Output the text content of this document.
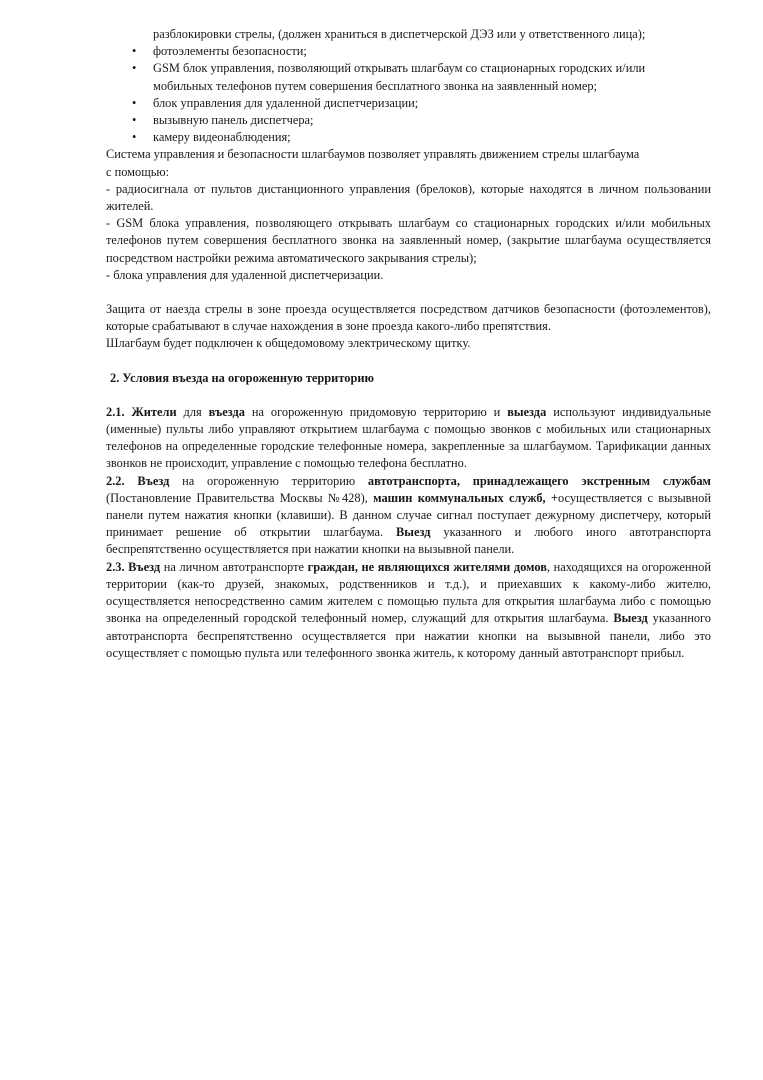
разблокировки стрелы, (должен храниться в диспетчерской ДЭЗ или у ответственного лица);
• фотоэлементы безопасности;
• GSM блок управления, позволяющий открывать шлагбаум со стационарных городских и/или
мобильных телефонов путем совершения бесплатного звонка на заявленный номер;
• блок управления для удаленной диспетчеризации;
• вызывную панель диспетчера;
• камеру видеонаблюдения;
Система управления и безопасности шлагбаумов позволяет управлять движением стрелы шлагбаума
с помощью:

- радиосигнала от пультов дистанционного управления (брелоков), которые находятся в личном пользовании жителей.

- GSM блока управления, позволяющего открывать шлагбаум со стационарных городских и/или мобильных телефонов путем совершения бесплатного звонка на заявленный номер, (закрытие шлагбаума осуществляется посредством настройки режима автоматического закрывания стрелы);

- блока управления для удаленной диспетчеризации.

Защита от наезда стрелы в зоне проезда осуществляется посредством датчиков безопасности (фотоэлементов), которые срабатывают в случае нахождения в зоне проезда какого-либо препятствия.

Шлагбаум будет подключен к общедомовому электрическому щитку.

2. Условия въезда на огороженную территорию

2.1. Жители для въезда на огороженную придомовую территорию и выезда используют индивидуальные (именные) пульты либо управляют открытием шлагбаума с помощью звонков с мобильных или стационарных телефонов на определенные городские телефонные номера, закрепленные за шлагбаумом. Тарификации данных звонков не происходит, управление с помощью телефона бесплатно.

2.2. Въезд на огороженную территорию автотранспорта, принадлежащего экстренным службам (Постановление Правительства Москвы №428), машин коммунальных служб, +осуществляется с вызывной панели путем нажатия кнопки (клавиши). В данном случае сигнал поступает дежурному диспетчеру, который принимает решение об открытии шлагбаума. Выезд указанного и любого иного автотранспорта беспрепятственно осуществляется при нажатии кнопки на вызывной панели.

2.3. Въезд на личном автотранспорте граждан, не являющихся жителями домов, находящихся на огороженной территории (как-то друзей, знакомых, родственников и т.д.), и приехавших к какому-либо жителю, осуществляется непосредственно самим жителем с помощью пульта для открытия шлагбаума либо с помощью звонка на определенный городской телефонный номер, служащий для открытия шлагбаума. Выезд указанного автотранспорта беспрепятственно осуществляется при нажатии кнопки на вызывной панели, либо это осуществляет с помощью пульта или телефонного звонка житель, к которому данный автотранспорт прибыл.
